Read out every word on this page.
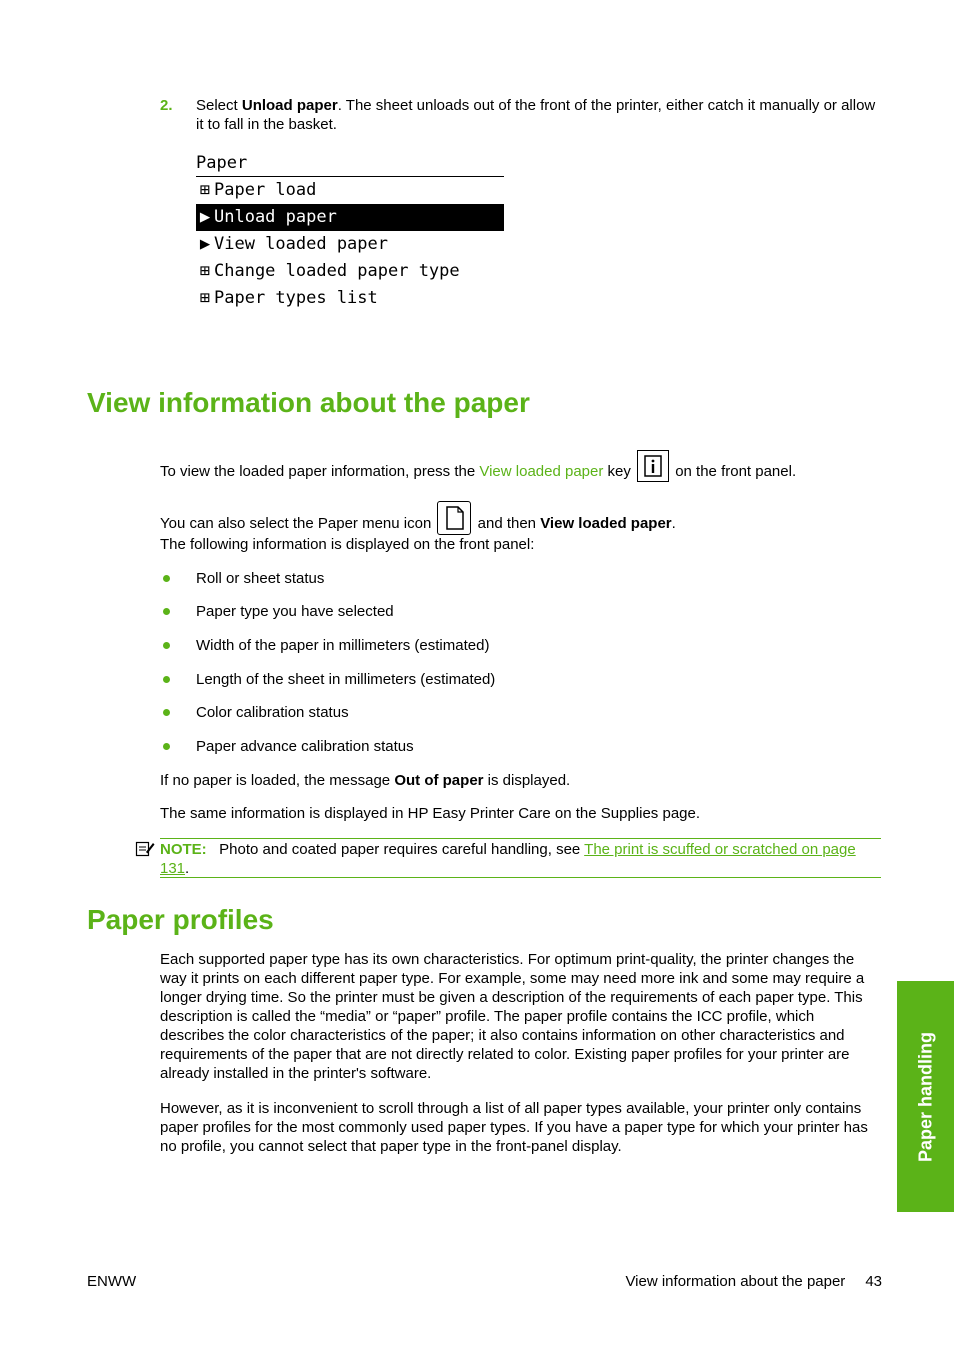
2. Select Unload paper. The sheet unloads out of the front of the printer, either catch it manually or allow it to fall in the basket.
Paper
⊞ Paper load
▶ Unload paper
▶ View loaded paper
⊞ Change loaded paper type
⊞ Paper types list
View information about the paper
To view the loaded paper information, press the View loaded paper key
on the front panel.
You can also select the Paper menu icon	and then View loaded paper.
The following information is displayed on the front panel:
Roll or sheet status
Paper type you have selected
Width of the paper in millimeters (estimated)
Length of the sheet in millimeters (estimated)
Color calibration status
Paper advance calibration status
If no paper is loaded, the message Out of paper is displayed.
The same information is displayed in HP Easy Printer Care on the Supplies page.
NOTE:   Photo and coated paper requires careful handling, see The print is scuffed or scratched on page 131.
Paper profiles
Each supported paper type has its own characteristics. For optimum print-quality, the printer changes the way it prints on each different paper type. For example, some may need more ink and some may require a longer drying time. So the printer must be given a description of the requirements of each paper type. This description is called the “media” or “paper” profile. The paper profile contains the ICC profile, which describes the color characteristics of the paper; it also contains information on other characteristics and requirements of the paper that are not directly related to color. Existing paper profiles for your printer are already installed in the printer's software.
However, as it is inconvenient to scroll through a list of all paper types available, your printer only contains paper profiles for the most commonly used paper types. If you have a paper type for which your printer has no profile, you cannot select that paper type in the front-panel display.	Paper handling
ENWW	View information about the paper 43
